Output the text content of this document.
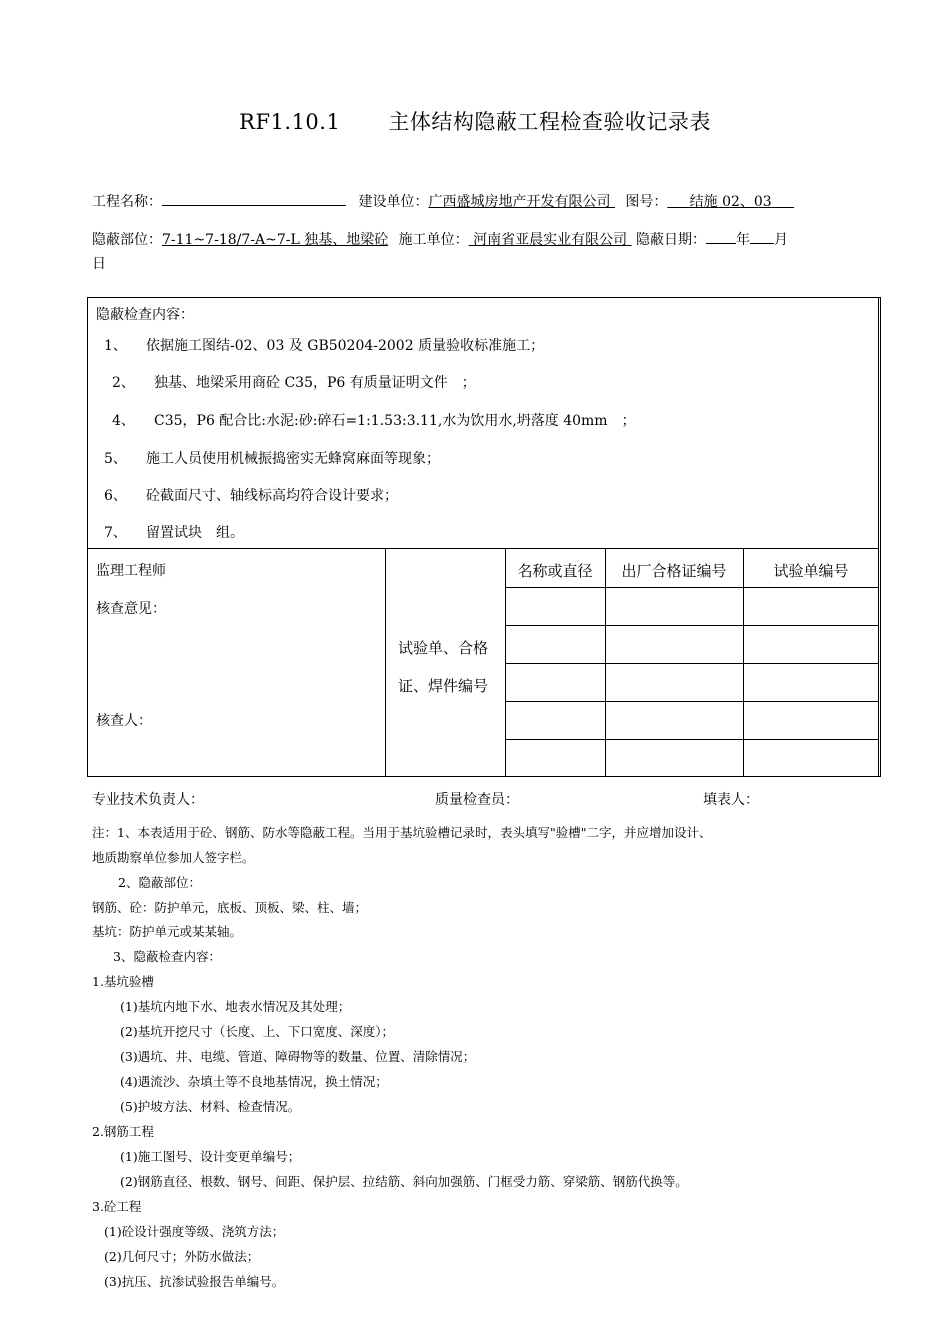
RF1.10.1 主体结构隐蔽工程检查验收记录表
工程名称：	建设单位：广西盛城房地产开发有限公司 图号： 结施 02、03
隐蔽部位：7-11~7-18/7-A~7-L 独基、地梁砼 施工单位： 河南省亚晨实业有限公司 隐蔽日期： 年 月
日
隐蔽检查内容：
1、 依据施工图结-02、03 及 GB50204-2002 质量验收标准施工；
2、 独基、地梁采用商砼 C35，P6 有质量证明文件　；
4、 C35，P6 配合比:水泥:砂:碎石=1:1.53:3.11,水为饮用水,坍落度 40mm　；
5、 施工人员使用机械振捣密实无蜂窝麻面等现象；
6、 砼截面尺寸、轴线标高均符合设计要求；
7、 留置试块　组。
监理工程师
核查意见：
核查人：
试验单、合格
证、焊件编号
名称或直径	出厂合格证编号	试验单编号
专业技术负责人：	质量检查员：	填表人：
注：1、本表适用于砼、钢筋、防水等隐蔽工程。当用于基坑验槽记录时，表头填写"验槽"二字，并应增加设计、
地质勘察单位参加人签字栏。
2、隐蔽部位：
钢筋、砼：防护单元，底板、顶板、梁、柱、墙；
基坑：防护单元或某某轴。
3、隐蔽检查内容：
1.基坑验槽
(1)基坑内地下水、地表水情况及其处理；
(2)基坑开挖尺寸（长度、上、下口宽度、深度）；
(3)遇坑、井、电缆、管道、障碍物等的数量、位置、清除情况；
(4)遇流沙、杂填土等不良地基情况，换土情况；
(5)护坡方法、材料、检查情况。
2.钢筋工程
(1)施工图号、设计变更单编号；
(2)钢筋直径、根数、钢号、间距、保护层、拉结筋、斜向加强筋、门框受力筋、穿梁筋、钢筋代换等。
3.砼工程
(1)砼设计强度等级、浇筑方法；
(2)几何尺寸；外防水做法；
(3)抗压、抗渗试验报告单编号。
